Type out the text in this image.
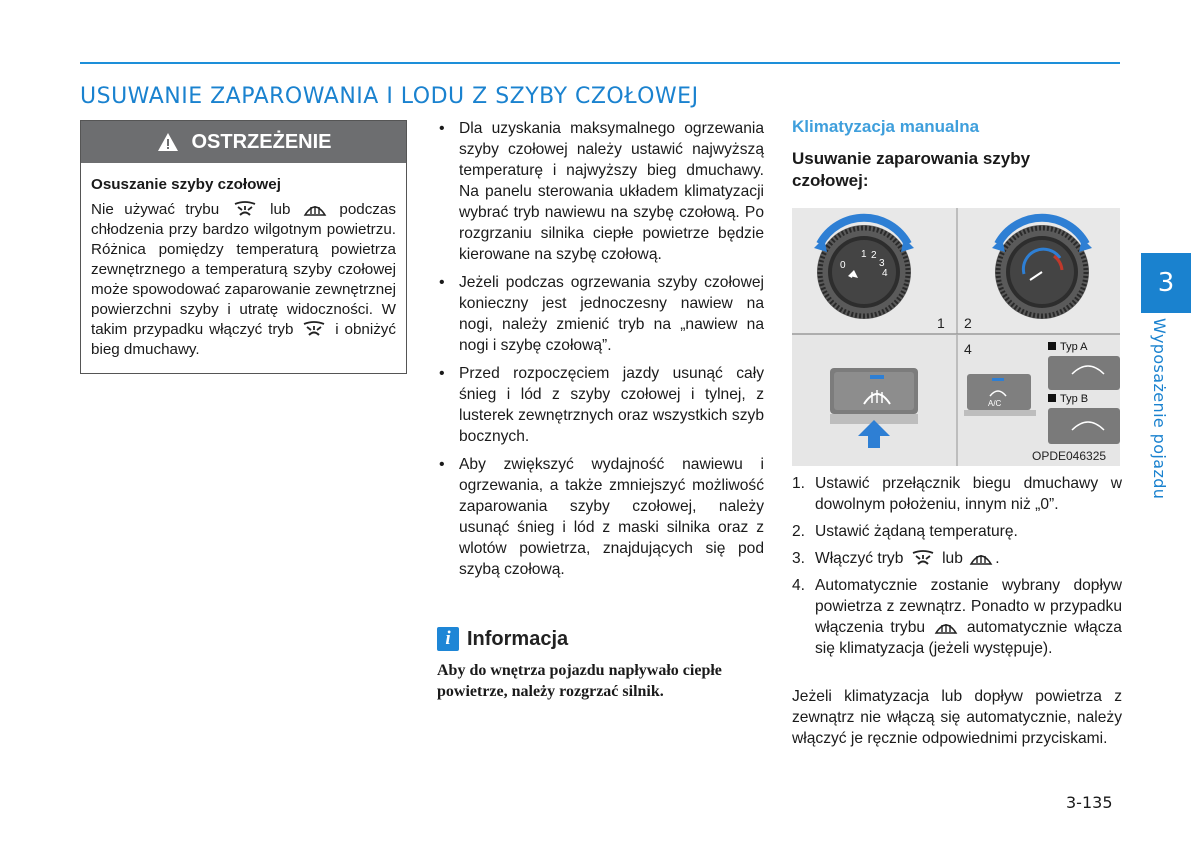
USUWANIE ZAPAROWANIA I LODU Z SZYBY CZOŁOWEJ
OSTRZEŻENIE
Osuszanie szyby czołowej
Nie używać trybu	lub	podczas chłodzenia przy bardzo wilgotnym powietrzu. Różnica pomiędzy temperaturą powietrza zewnętrznego a temperaturą szyby czołowej może spowodować zaparowanie zewnętrznej powierzchni szyby i utratę widoczności. W takim przypadku włączyć tryb	i obniżyć bieg dmuchawy.
• Dla uzyskania maksymalnego ogrzewania szyby czołowej należy ustawić najwyższą temperaturę i najwyższy bieg dmuchawy. Na panelu sterowania układem klimatyzacji wybrać tryb nawiewu na szybę czołową. Po rozgrzaniu silnika ciepłe powietrze będzie kierowane na szybę czołową.
• Jeżeli podczas ogrzewania szyby czołowej konieczny jest jednoczesny nawiew na nogi, należy zmienić tryb na „nawiew na nogi i szybę czołową”.
• Przed rozpoczęciem jazdy usunąć cały śnieg i lód z szyby czołowej i tylnej, z lusterek zewnętrznych oraz wszystkich szyb bocznych.
• Aby zwiększyć wydajność nawiewu i ogrzewania, a także zmniejszyć możliwość zaparowania szyby czołowej, należy usunąć śnieg i lód z maski silnika oraz z wlotów powietrza, znajdujących się pod szybą czołową.
i Informacja
Aby do wnętrza pojazdu napływało ciepłe powietrze, należy rozgrzać silnik.
Klimatyzacja manualna
Usuwanie zaparowania szyby czołowej:
0
1 2
3
4
1 2
4
A/C
Typ A
Typ B
OPDE046325
1. Ustawić przełącznik biegu dmuchawy w dowolnym położeniu, innym niż „0”.
2. Ustawić żądaną temperaturę.
3. Włączyć tryb lub .
4. Automatycznie zostanie wybrany dopływ powietrza z zewnątrz. Ponadto w przypadku włączenia trybu	automatycznie włącza się klimatyzacja (jeżeli występuje).
Jeżeli klimatyzacja lub dopływ powietrza z zewnątrz nie włączą się automatycznie, należy włączyć je ręcznie odpowiednimi przyciskami.
3-135
3
Wyposażenie pojazdu
